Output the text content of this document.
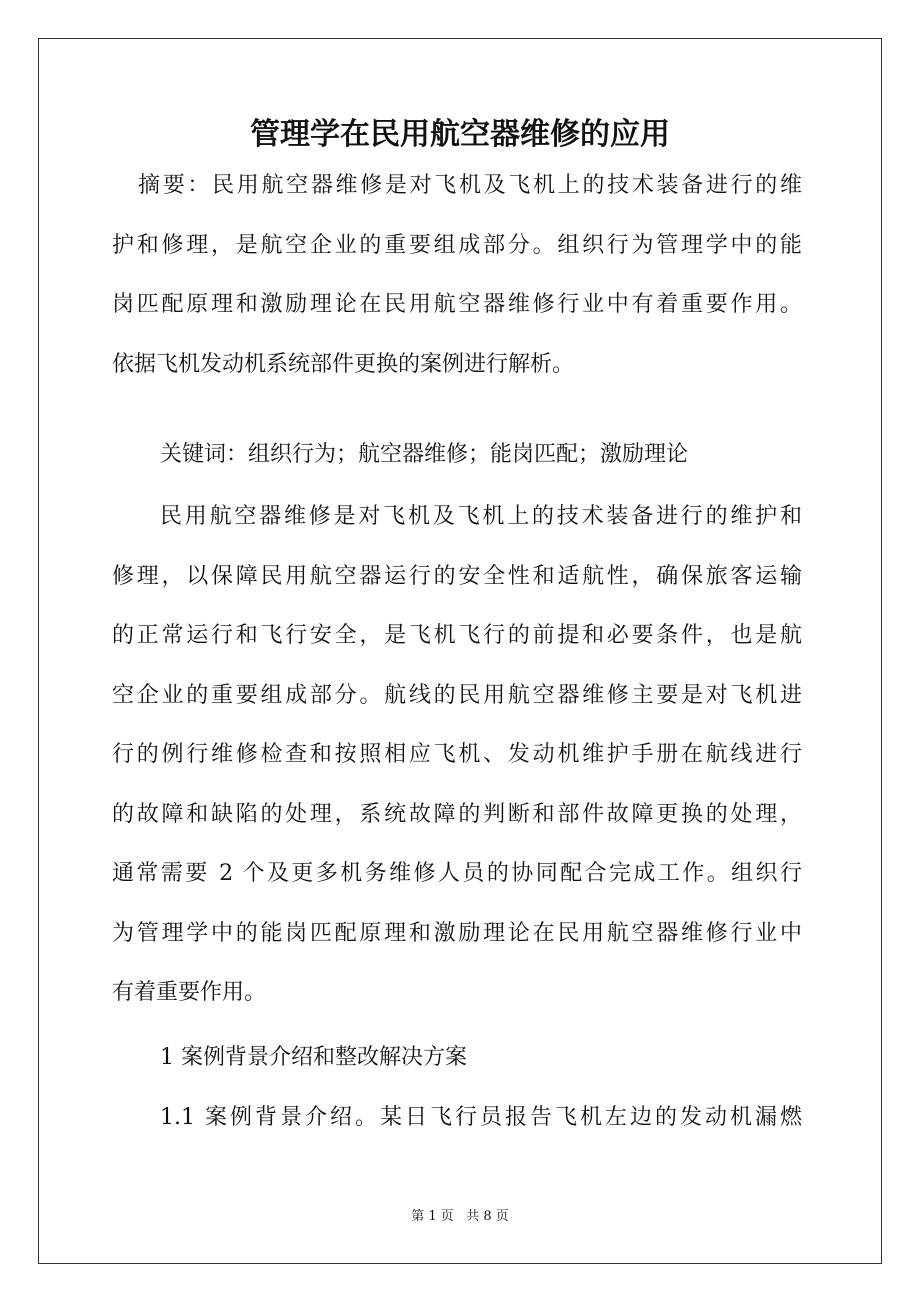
管理学在民用航空器维修的应用
摘要：民用航空器维修是对飞机及飞机上的技术装备进行的维
护和修理，是航空企业的重要组成部分。组织行为管理学中的能
岗匹配原理和激励理论在民用航空器维修行业中有着重要作用。
依据飞机发动机系统部件更换的案例进行解析。
关键词：组织行为；航空器维修；能岗匹配；激励理论
民用航空器维修是对飞机及飞机上的技术装备进行的维护和
修理，以保障民用航空器运行的安全性和适航性，确保旅客运输
的正常运行和飞行安全，是飞机飞行的前提和必要条件，也是航
空企业的重要组成部分。航线的民用航空器维修主要是对飞机进
行的例行维修检查和按照相应飞机、发动机维护手册在航线进行
的故障和缺陷的处理，系统故障的判断和部件故障更换的处理，
通常需要 2 个及更多机务维修人员的协同配合完成工作。组织行
为管理学中的能岗匹配原理和激励理论在民用航空器维修行业中
有着重要作用。
1 案例背景介绍和整改解决方案
1.1 案例背景介绍。某日飞行员报告飞机左边的发动机漏燃
第 1 页   共 8 页
